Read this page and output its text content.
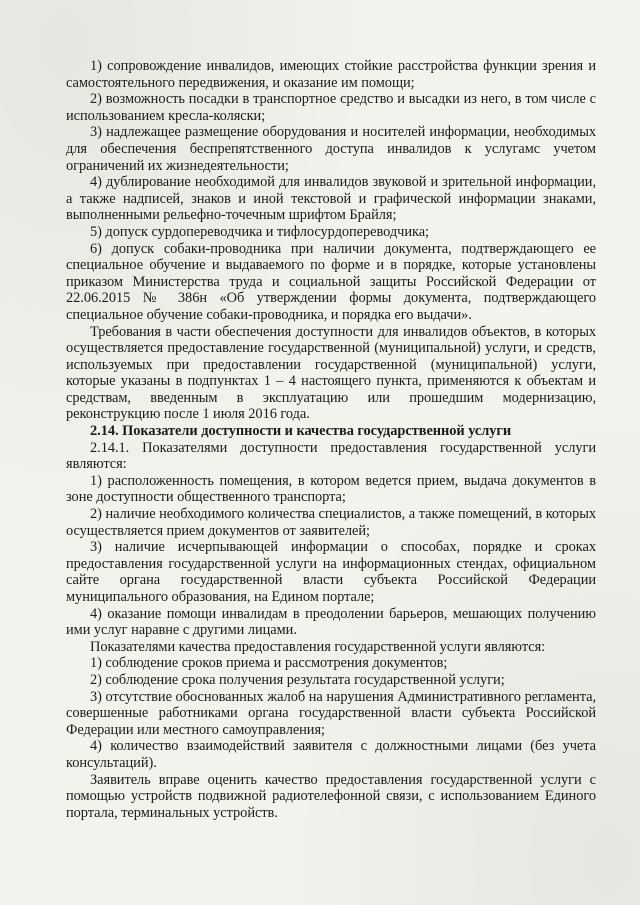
1) сопровождение инвалидов, имеющих стойкие расстройства функции зрения и самостоятельного передвижения, и оказание им помощи;

2) возможность посадки в транспортное средство и высадки из него, в том числе с использованием кресла-коляски;

3) надлежащее размещение оборудования и носителей информации, необходимых для обеспечения беспрепятственного доступа инвалидов к услугамс учетом ограничений их жизнедеятельности;

4) дублирование необходимой для инвалидов звуковой и зрительной информации, а также надписей, знаков и иной текстовой и графической информации знаками, выполненными рельефно-точечным шрифтом Брайля;

5) допуск сурдопереводчика и тифлосурдопереводчика;

6) допуск собаки-проводника при наличии документа, подтверждающего ее специальное обучение и выдаваемого по форме и в порядке, которые установлены приказом Министерства труда и социальной защиты Российской Федерации от 22.06.2015 № 386н «Об утверждении формы документа, подтверждающего специальное обучение собаки-проводника, и порядка его выдачи».

Требования в части обеспечения доступности для инвалидов объектов, в которых осуществляется предоставление государственной (муниципальной) услуги, и средств, используемых при предоставлении государственной (муниципальной) услуги, которые указаны в подпунктах 1 – 4 настоящего пункта, применяются к объектам и средствам, введенным в эксплуатацию или прошедшим модернизацию, реконструкцию после 1 июля 2016 года.

2.14. Показатели доступности и качества государственной услуги

2.14.1. Показателями доступности предоставления государственной услуги являются:

1) расположенность помещения, в котором ведется прием, выдача документов в зоне доступности общественного транспорта;

2) наличие необходимого количества специалистов, а также помещений, в которых осуществляется прием документов от заявителей;

3) наличие исчерпывающей информации о способах, порядке и сроках предоставления государственной услуги на информационных стендах, официальном сайте органа государственной власти субъекта Российской Федерации муниципального образования, на Едином портале;

4) оказание помощи инвалидам в преодолении барьеров, мешающих получению ими услуг наравне с другими лицами.

Показателями качества предоставления государственной услуги являются:

1) соблюдение сроков приема и рассмотрения документов;

2) соблюдение срока получения результата государственной услуги;

3) отсутствие обоснованных жалоб на нарушения Административного регламента, совершенные работниками органа государственной власти субъекта Российской Федерации или местного самоуправления;

4) количество взаимодействий заявителя с должностными лицами (без учета консультаций).

Заявитель вправе оценить качество предоставления государственной услуги с помощью устройств подвижной радиотелефонной связи, с использованием Единого портала, терминальных устройств.
